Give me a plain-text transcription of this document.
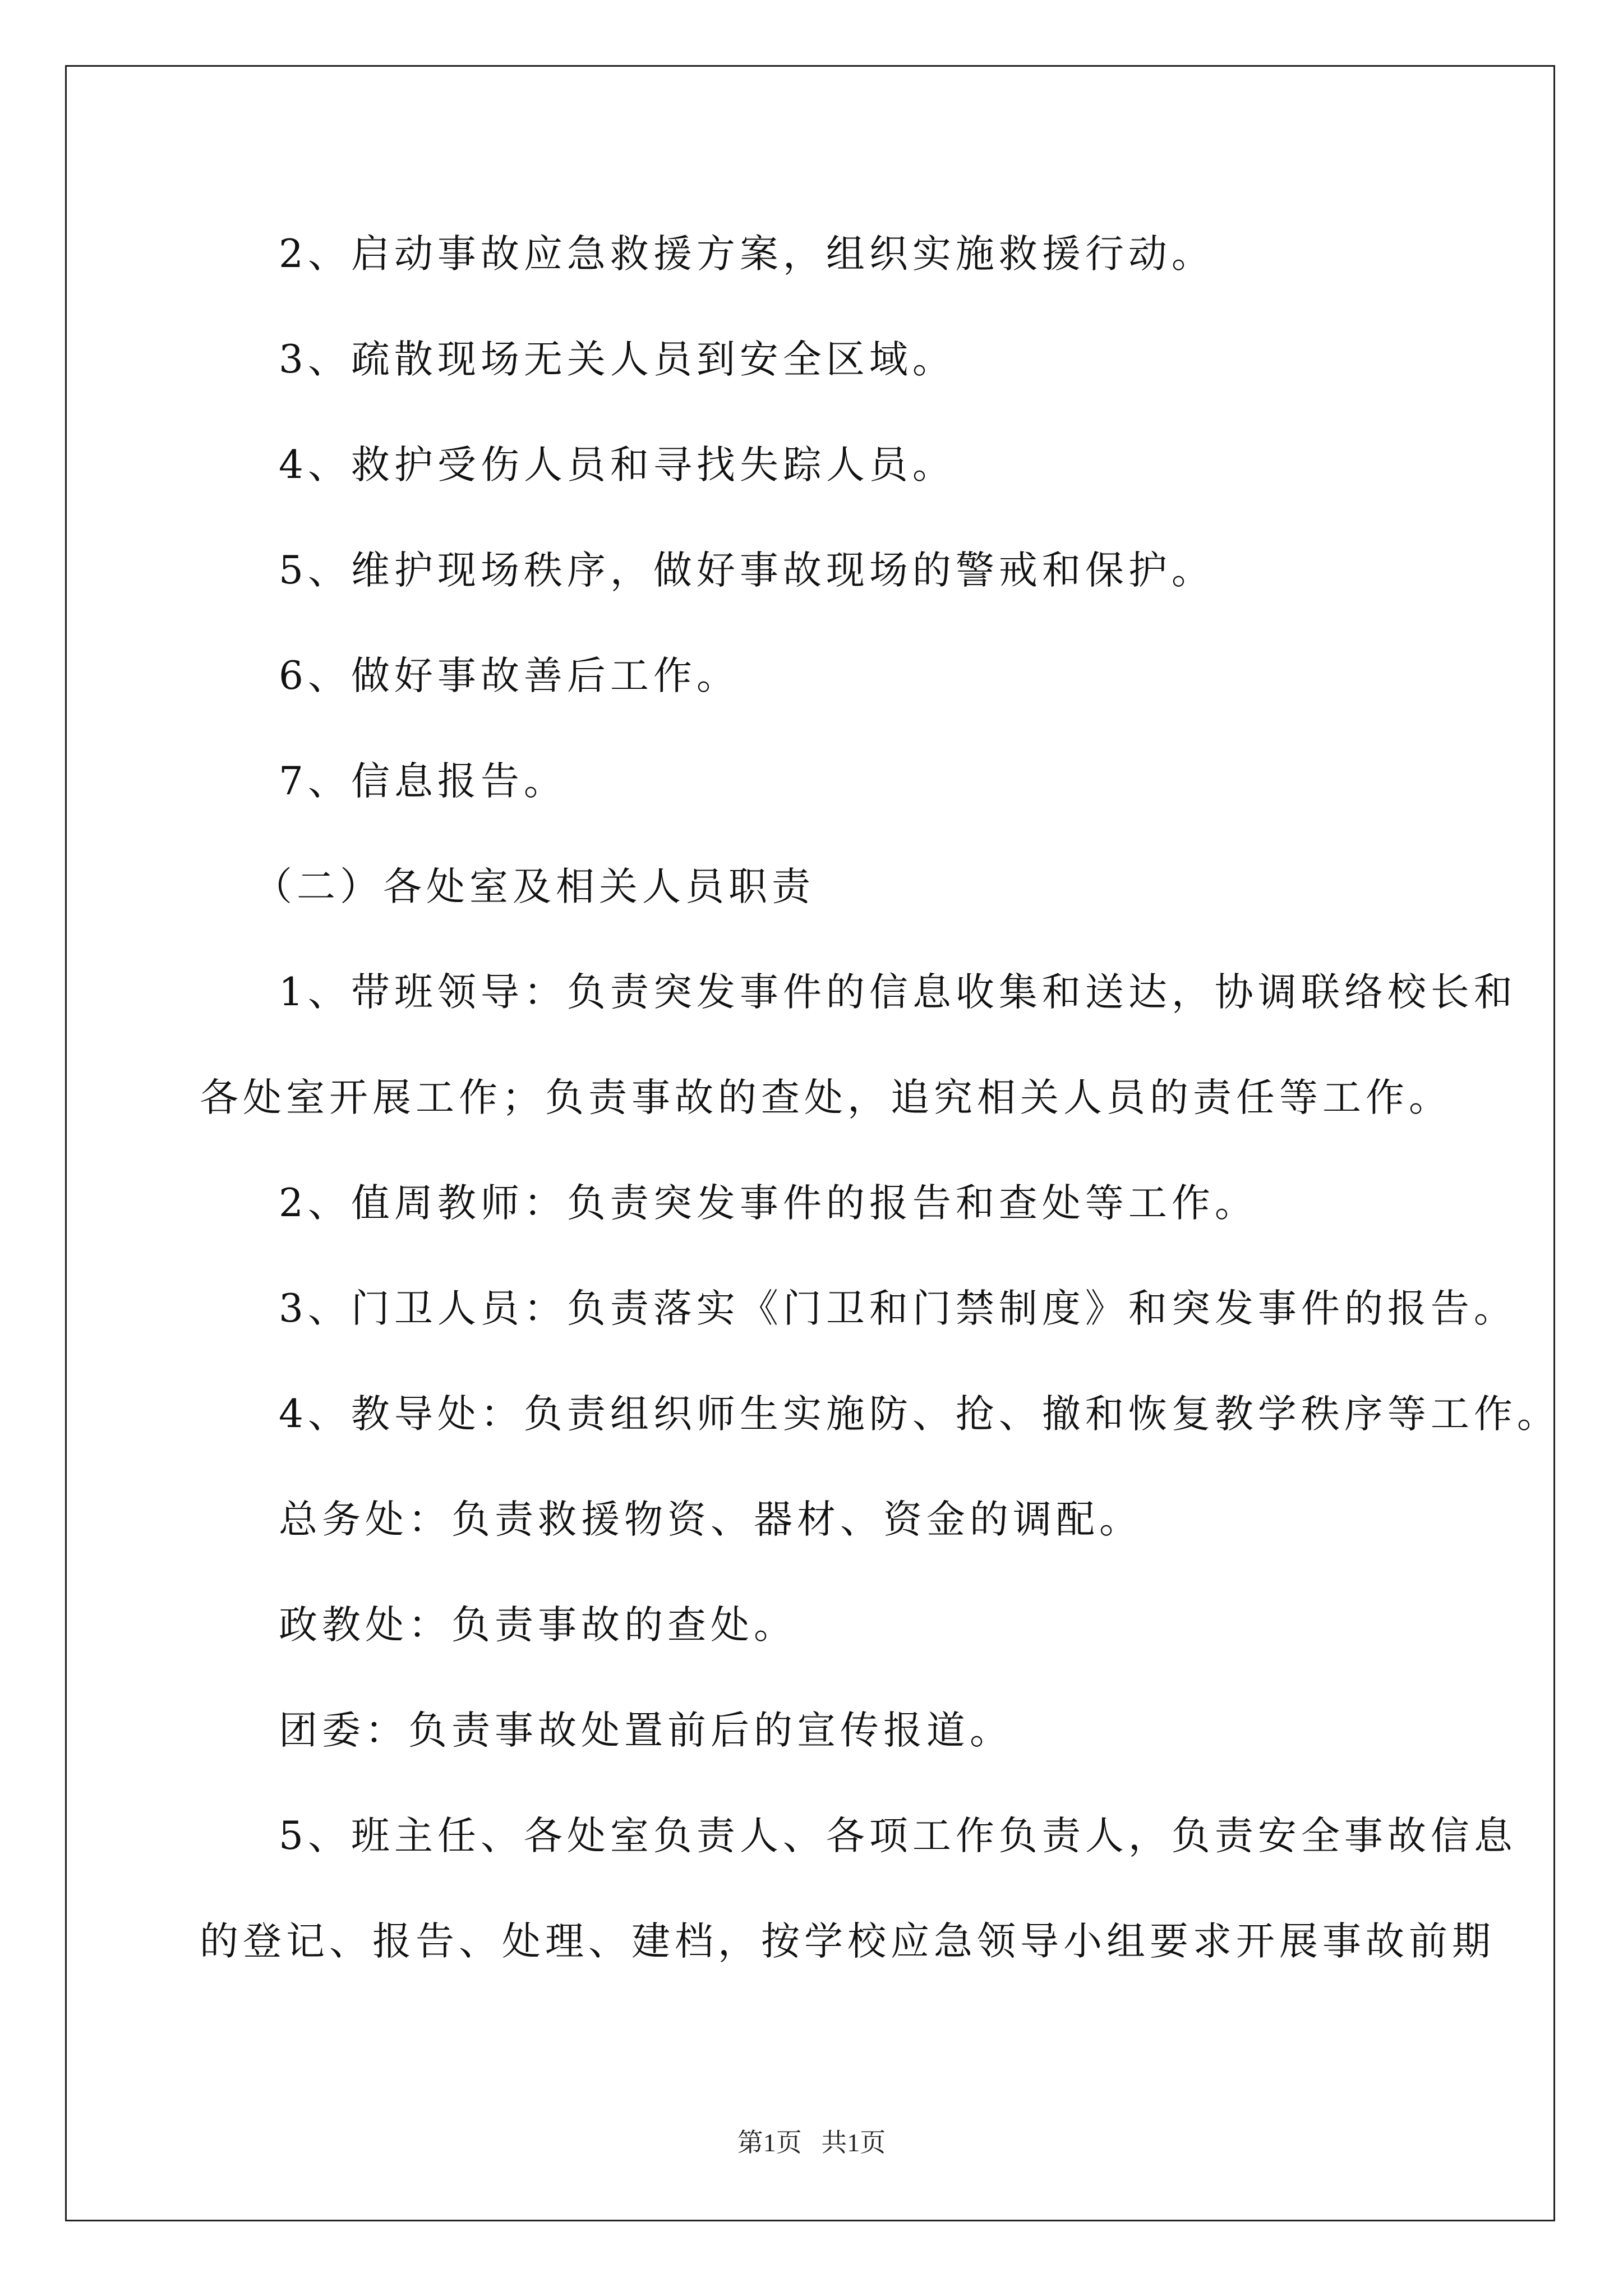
2、启动事故应急救援方案，组织实施救援行动。
3、疏散现场无关人员到安全区域。
4、救护受伤人员和寻找失踪人员。
5、维护现场秩序，做好事故现场的警戒和保护。
6、做好事故善后工作。
7、信息报告。
（二）各处室及相关人员职责
1、带班领导：负责突发事件的信息收集和送达，协调联络校长和
各处室开展工作；负责事故的查处，追究相关人员的责任等工作。
2、值周教师：负责突发事件的报告和查处等工作。
3、门卫人员：负责落实《门卫和门禁制度》和突发事件的报告。
4、教导处：负责组织师生实施防、抢、撤和恢复教学秩序等工作。
总务处：负责救援物资、器材、资金的调配。
政教处：负责事故的查处。
团委：负责事故处置前后的宣传报道。
5、班主任、各处室负责人、各项工作负责人，负责安全事故信息
的登记、报告、处理、建档，按学校应急领导小组要求开展事故前期
第1页   共1页
